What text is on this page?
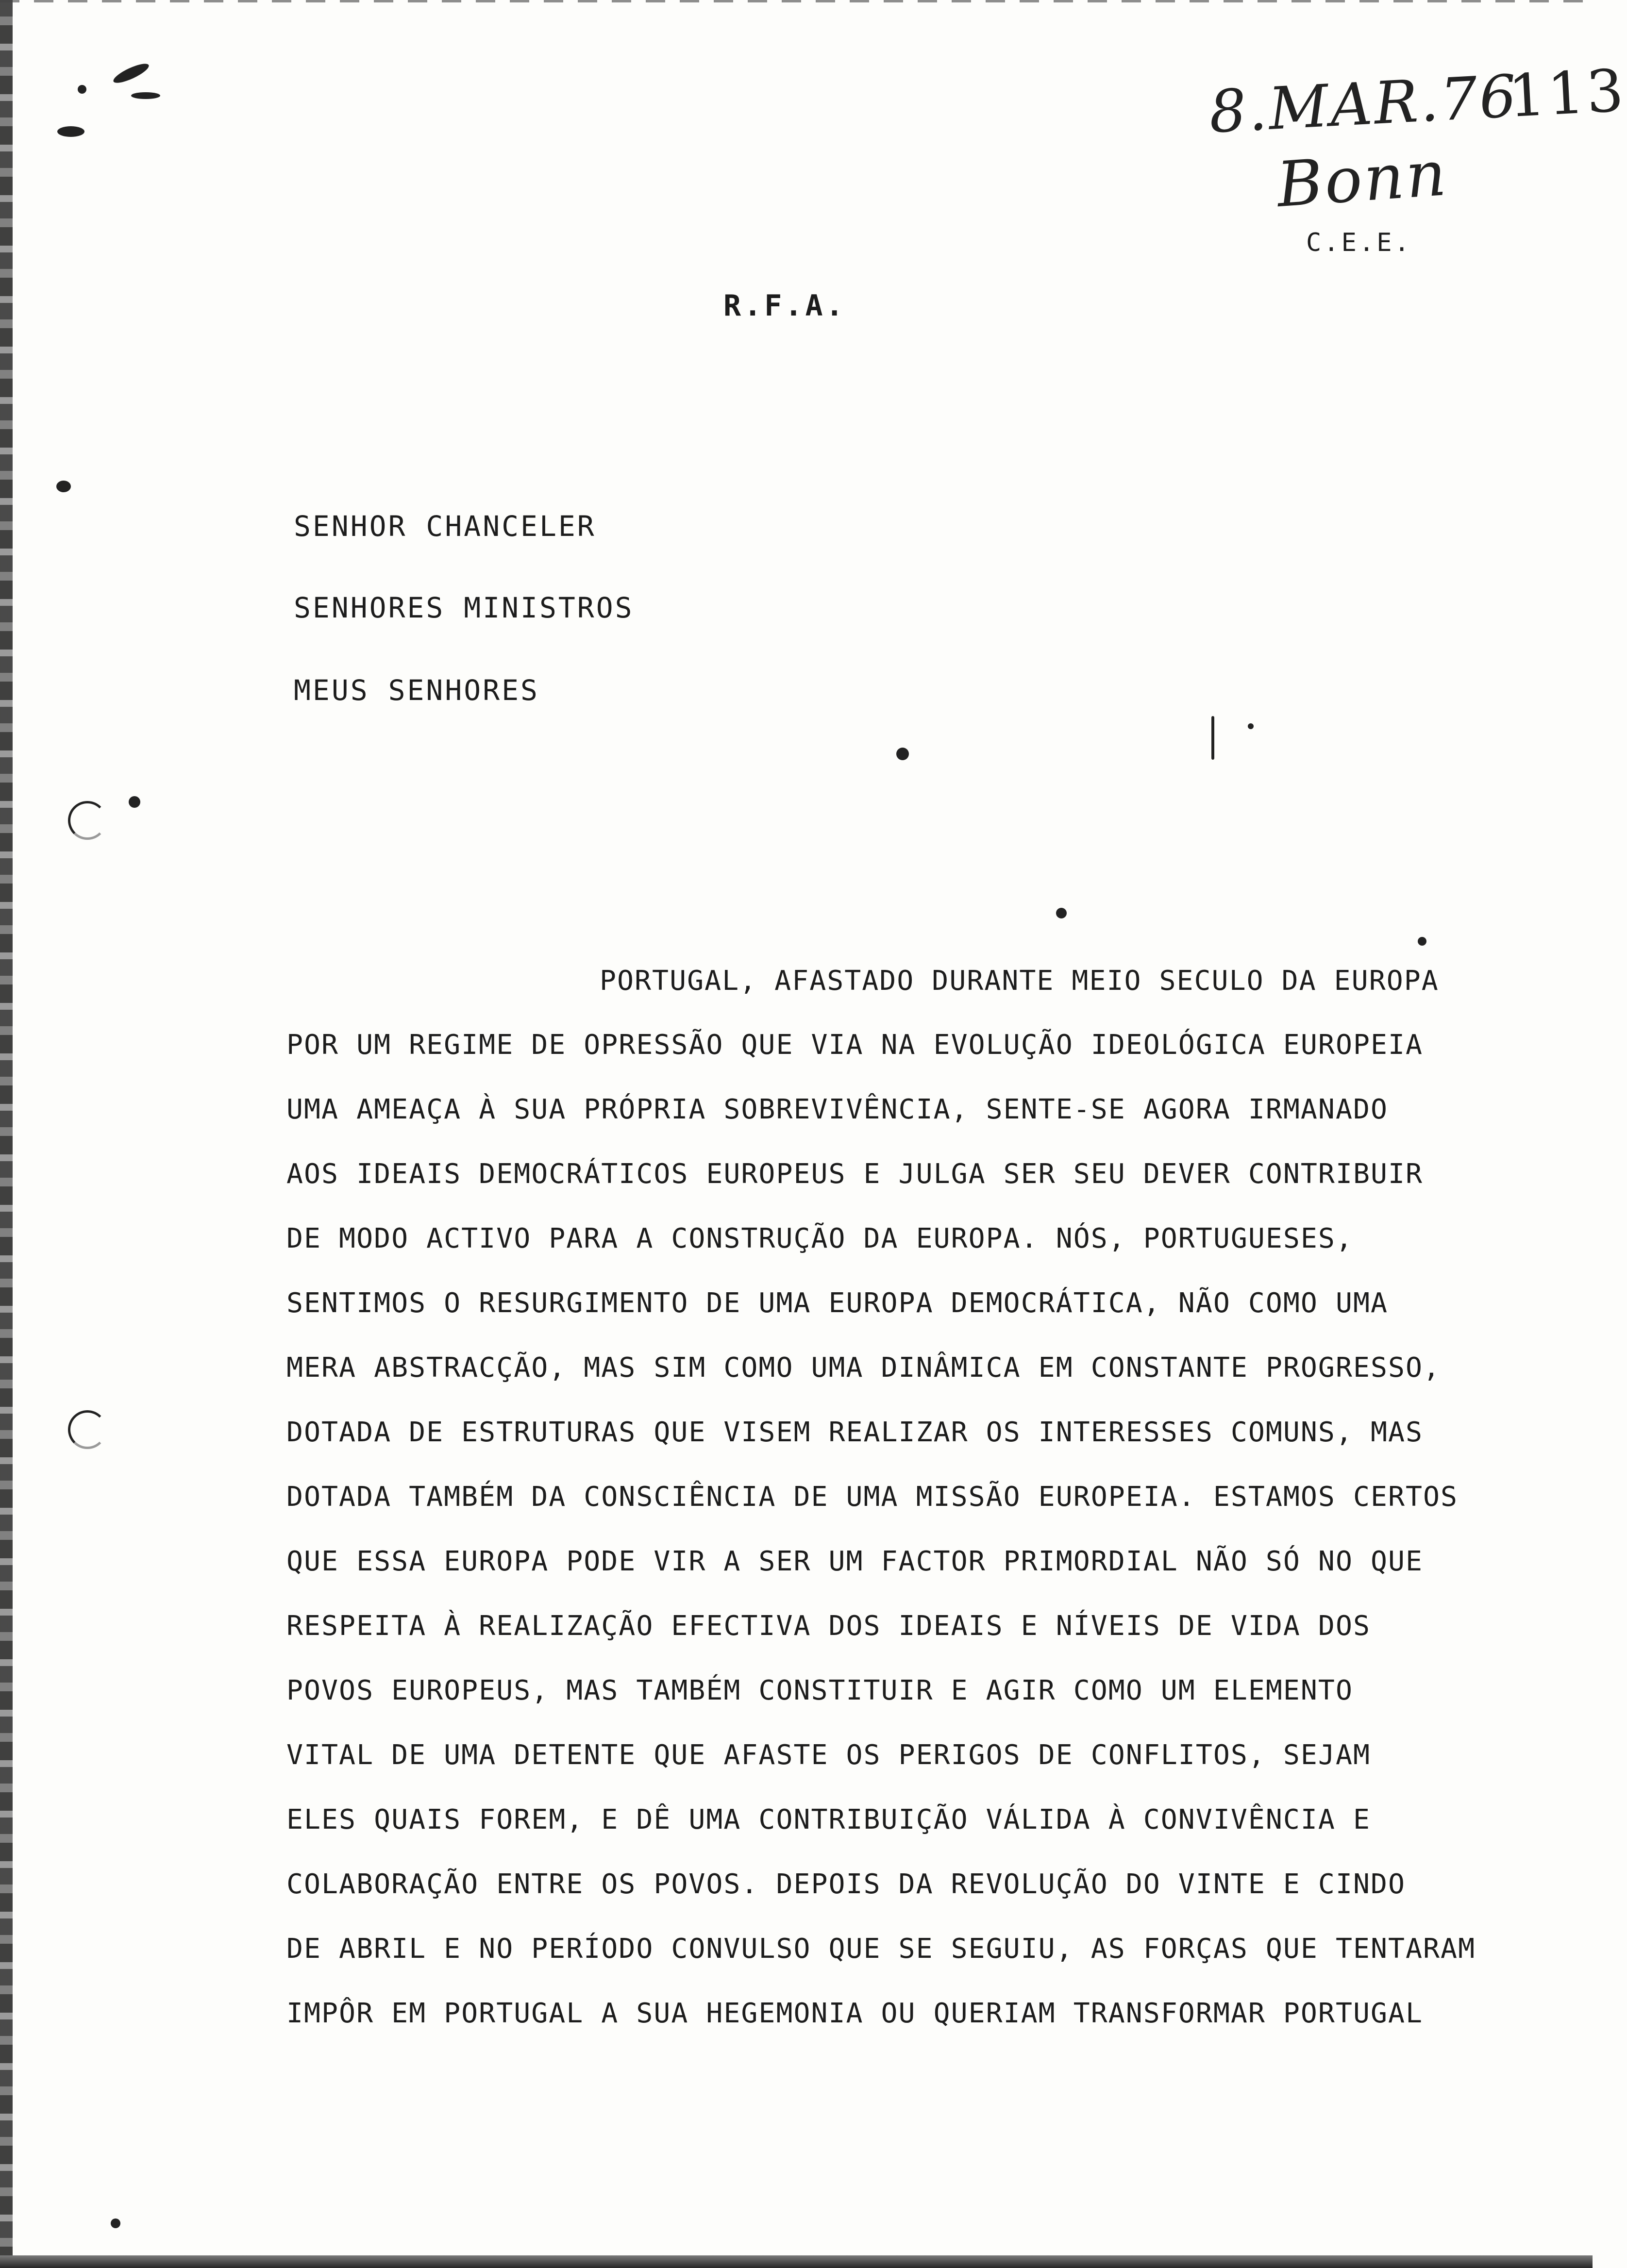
8.MAR.76113
Bonn
C.E.E.
R.F.A.
SENHOR CHANCELER
SENHORES MINISTROS
MEUS SENHORES
PORTUGAL, AFASTADO DURANTE MEIO SECULO DA EUROPA
POR UM REGIME DE OPRESSÃO QUE VIA NA EVOLUÇÃO IDEOLÓGICA EUROPEIA
UMA AMEAÇA À SUA PRÓPRIA SOBREVIVÊNCIA, SENTE-SE AGORA IRMANADO
AOS IDEAIS DEMOCRÁTICOS EUROPEUS E JULGA SER SEU DEVER CONTRIBUIR
DE MODO ACTIVO PARA A CONSTRUÇÃO DA EUROPA. NÓS, PORTUGUESES,
SENTIMOS O RESURGIMENTO DE UMA EUROPA DEMOCRÁTICA, NÃO COMO UMA
MERA ABSTRACÇÃO, MAS SIM COMO UMA DINÂMICA EM CONSTANTE PROGRESSO,
DOTADA DE ESTRUTURAS QUE VISEM REALIZAR OS INTERESSES COMUNS, MAS
DOTADA TAMBÉM DA CONSCIÊNCIA DE UMA MISSÃO EUROPEIA. ESTAMOS CERTOS
QUE ESSA EUROPA PODE VIR A SER UM FACTOR PRIMORDIAL NÃO SÓ NO QUE
RESPEITA À REALIZAÇÃO EFECTIVA DOS IDEAIS E NÍVEIS DE VIDA DOS
POVOS EUROPEUS, MAS TAMBÉM CONSTITUIR E AGIR COMO UM ELEMENTO
VITAL DE UMA DETENTE QUE AFASTE OS PERIGOS DE CONFLITOS, SEJAM
ELES QUAIS FOREM, E DÊ UMA CONTRIBUIÇÃO VÁLIDA À CONVIVÊNCIA E
COLABORAÇÃO ENTRE OS POVOS. DEPOIS DA REVOLUÇÃO DO VINTE E CINDO
DE ABRIL E NO PERÍODO CONVULSO QUE SE SEGUIU, AS FORÇAS QUE TENTARAM
IMPÔR EM PORTUGAL A SUA HEGEMONIA OU QUERIAM TRANSFORMAR PORTUGAL
